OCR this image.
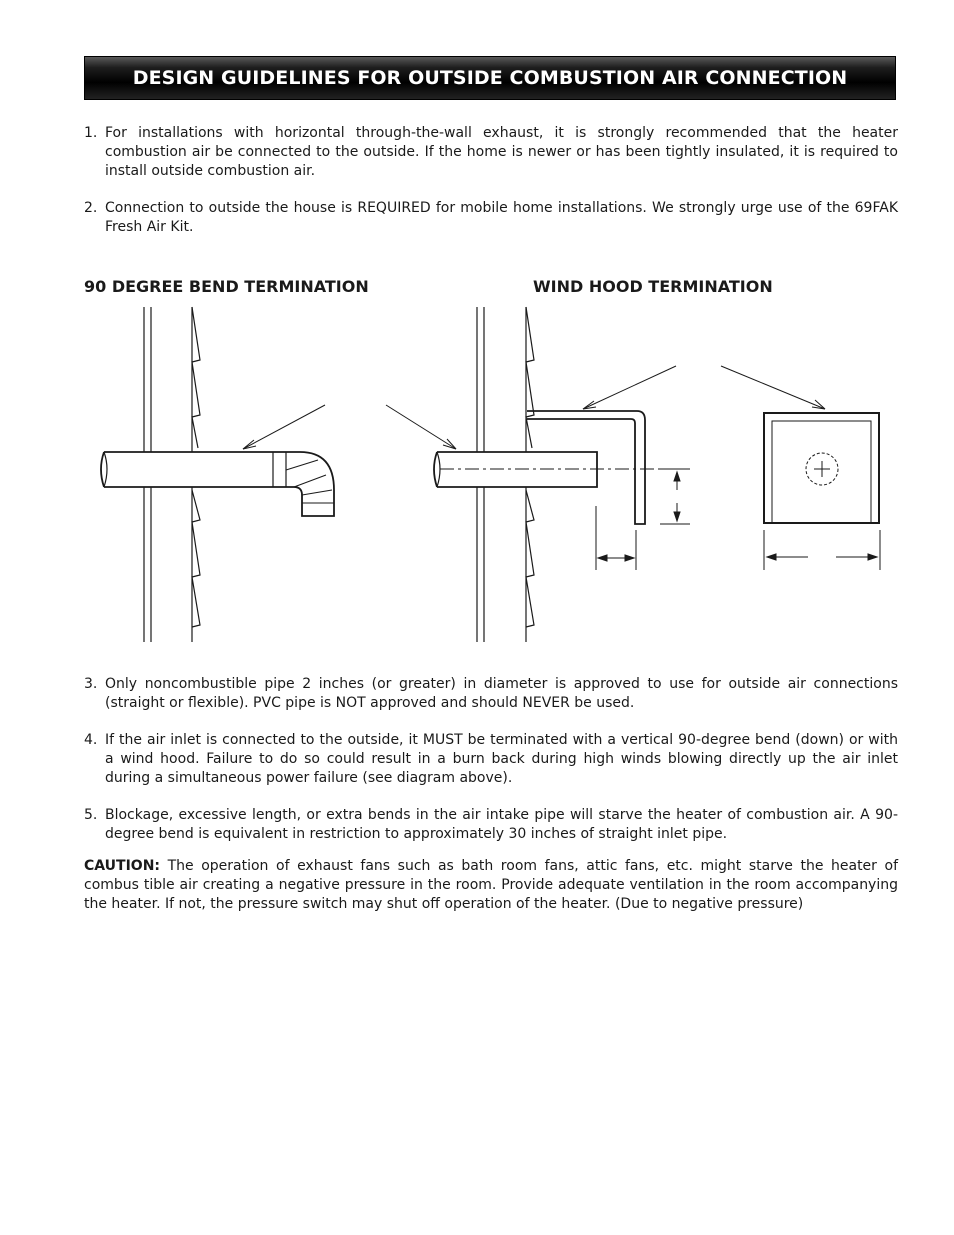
DESIGN GUIDELINES FOR OUTSIDE COMBUSTION AIR CONNECTION
1. For installations with horizontal through-the-wall exhaust, it is strongly recommended that the heater combustion air be connected to the outside. If the home is newer or has been tightly insulated, it is required to install outside combustion air.
2. Connection to outside the house is REQUIRED for mobile home installations. We strongly urge use of the 69FAK Fresh Air Kit.
90 DEGREE BEND TERMINATION	WIND HOOD TERMINATION
3. Only noncombustible pipe 2 inches (or greater) in diameter is approved to use for outside air connections (straight or flexible). PVC pipe is NOT approved and should NEVER be used.
4. If the air inlet is connected to the outside, it MUST be terminated with a vertical 90-degree bend (down) or with a wind hood. Failure to do so could result in a burn back during high winds blowing directly up the air inlet during a simultaneous power failure (see diagram above).
5. Blockage, excessive length, or extra bends in the air intake pipe will starve the heater of combustion air. A 90-degree bend is equivalent in restriction to approximately 30 inches of straight inlet pipe.
CAUTION: The operation of exhaust fans such as bath room fans, attic fans, etc. might starve the heater of combus tible air creating a negative pressure in the room. Provide adequate ventilation in the room accompanying the heater. If not, the pressure switch may shut off operation of the heater. (Due to negative pressure)
